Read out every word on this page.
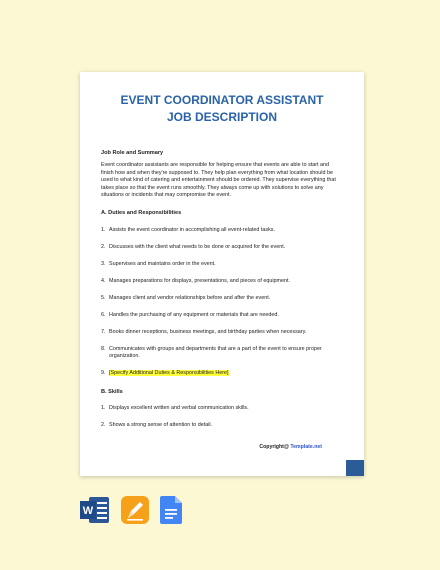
EVENT COORDINATOR ASSISTANT
JOB DESCRIPTION
Job Role and Summary

Event coordinator assistants are responsible for helping ensure that events are able to start and finish how and when they're supposed to. They help plan everything from what location should be used to what kind of catering and entertainment should be ordered. They supervise everything that takes place so that the event runs smoothly. They always come up with solutions to solve any situations or incidents that may compromise the event.

A. Duties and Responsibilities
1. Assists the event coordinator in accomplishing all event-related tasks.
2. Discusses with the client what needs to be done or acquired for the event.
3. Supervises and maintains order in the event.
4. Manages preparations for displays, presentations, and pieces of equipment.
5. Manages client and vendor relationships before and after the event.
6. Handles the purchasing of any equipment or materials that are needed.
7. Books dinner receptions, business meetings, and birthday parties when necessary.
8. Communicates with groups and departments that are a part of the event to ensure proper organization.
9. [Specify Additional Duties & Responsibilities Here]
B. Skills
1. Displays excellent written and verbal communication skills.
2. Shows a strong sense of attention to detail.
Copyright@ Template.net
W
